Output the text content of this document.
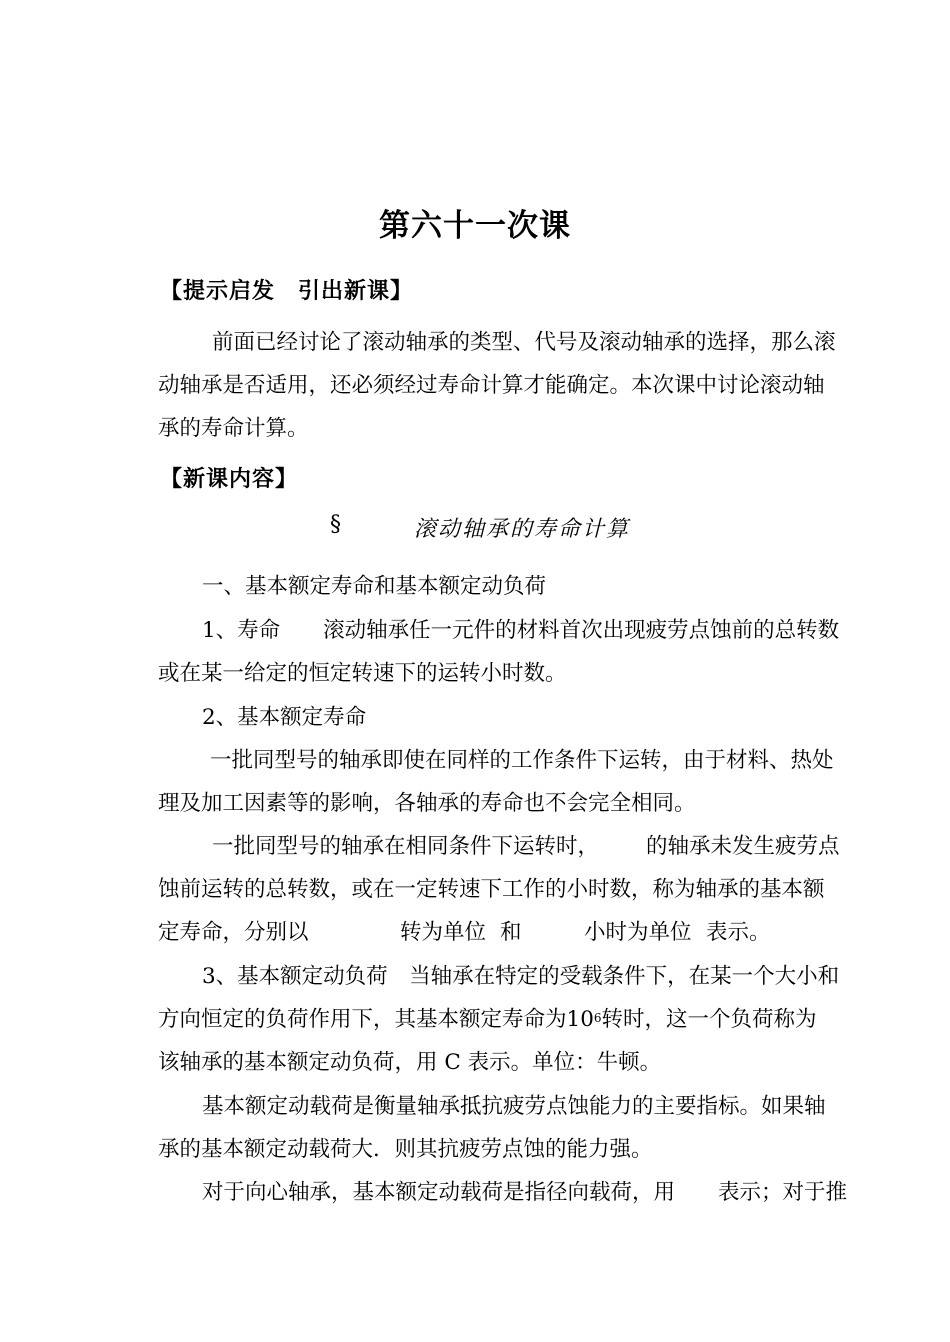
第六十一次课
【提示启发　引出新课】
前面已经讨论了滚动轴承的类型、代号及滚动轴承的选择，那么滚
动轴承是否适用，还必须经过寿命计算才能确定。本次课中讨论滚动轴
承的寿命计算。
【新课内容】
§	滚动轴承的寿命计算
一、基本额定寿命和基本额定动负荷
1、寿命　　滚动轴承任一元件的材料首次出现疲劳点蚀前的总转数
或在某一给定的恒定转速下的运转小时数。
2、基本额定寿命
一批同型号的轴承即使在同样的工作条件下运转，由于材料、热处
理及加工因素等的影响，各轴承的寿命也不会完全相同。
一批同型号的轴承在相同条件下运转时， 的轴承未发生疲劳点
蚀前运转的总转数，或在一定转速下工作的小时数，称为轴承的基本额
定寿命，分别以	转为单位 和	小时为单位 表示。
3、基本额定动负荷　当轴承在特定的受载条件下，在某一个大小和
方向恒定的负荷作用下，其基本额定寿命为$10^6$转时，这一个负荷称为
该轴承的基本额定动负荷，用 C 表示。单位：牛顿。
基本额定动载荷是衡量轴承抵抗疲劳点蚀能力的主要指标。如果轴
承的基本额定动载荷大．则其抗疲劳点蚀的能力强。
对于向心轴承，基本额定动载荷是指径向载荷，用 表示；对于推
